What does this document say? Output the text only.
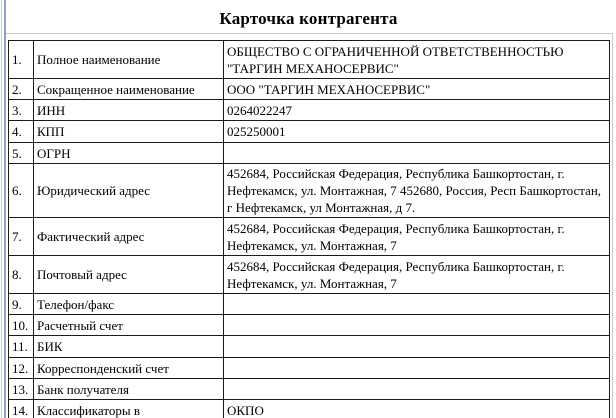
Карточка контрагента
1.	Полное наименование	ОБЩЕСТВО С ОГРАНИЧЕННОЙ ОТВЕТСТВЕННОСТЬЮ "ТАРГИН МЕХАНОСЕРВИС"
2.	Сокращенное наименование	ООО "ТАРГИН МЕХАНОСЕРВИС"
3.	ИНН	0264022247
4.	КПП	025250001
5.	ОГРН	
6.	Юридический адрес	452684, Российская Федерация, Республика Башкортостан, г. Нефтекамск, ул. Монтажная, 7 452680, Россия, Респ Башкортостан, г Нефтекамск, ул Монтажная, д 7.
7.	Фактический адрес	452684, Российская Федерация, Республика Башкортостан, г. Нефтекамск, ул. Монтажная, 7
8.	Почтовый адрес	452684, Российская Федерация, Республика Башкортостан, г. Нефтекамск, ул. Монтажная, 7
9.	Телефон/факс	
10.	Расчетный счет	
11.	БИК	
12.	Корреспонденский счет	
13.	Банк получателя	
14.	Классификаторы в	ОКПО
